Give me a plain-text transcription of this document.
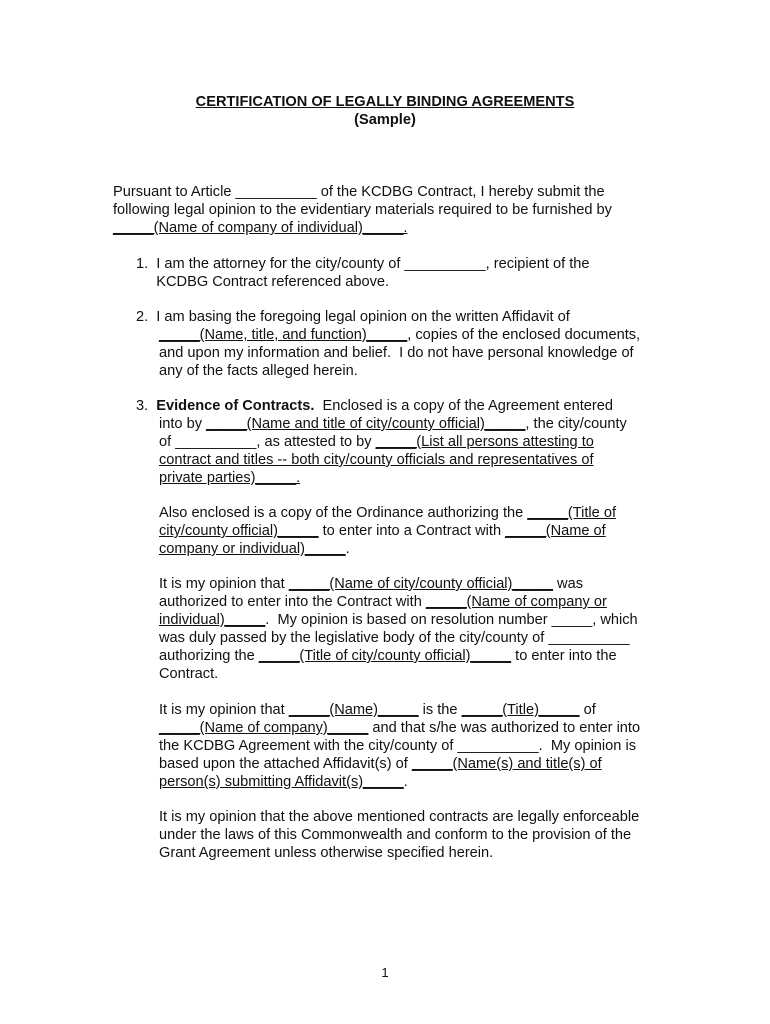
CERTIFICATION OF LEGALLY BINDING AGREEMENTS
(Sample)
Pursuant to Article __________ of the KCDBG Contract, I hereby submit the
following legal opinion to the evidentiary materials required to be furnished by
_____(Name of company of individual)_____.
1.  I am the attorney for the city/county of __________, recipient of the
KCDBG Contract referenced above.
2.  I am basing the foregoing legal opinion on the written Affidavit of
_____(Name, title, and function)_____, copies of the enclosed documents,
and upon my information and belief.  I do not have personal knowledge of
any of the facts alleged herein.
3.  Evidence of Contracts.  Enclosed is a copy of the Agreement entered
into by _____(Name and title of city/county official)_____, the city/county
of __________, as attested to by _____(List all persons attesting to
contract and titles -- both city/county officials and representatives of
private parties)_____.
Also enclosed is a copy of the Ordinance authorizing the _____(Title of
city/county official)_____ to enter into a Contract with _____(Name of
company or individual)_____.
It is my opinion that _____(Name of city/county official)_____ was
authorized to enter into the Contract with _____(Name of company or
individual)_____.  My opinion is based on resolution number _____, which
was duly passed by the legislative body of the city/county of __________
authorizing the _____(Title of city/county official)_____ to enter into the
Contract.
It is my opinion that _____(Name)_____ is the _____(Title)_____ of
_____(Name of company)_____ and that s/he was authorized to enter into
the KCDBG Agreement with the city/county of __________.  My opinion is
based upon the attached Affidavit(s) of _____(Name(s) and title(s) of
person(s) submitting Affidavit(s)_____.
It is my opinion that the above mentioned contracts are legally enforceable
under the laws of this Commonwealth and conform to the provision of the
Grant Agreement unless otherwise specified herein.
1
